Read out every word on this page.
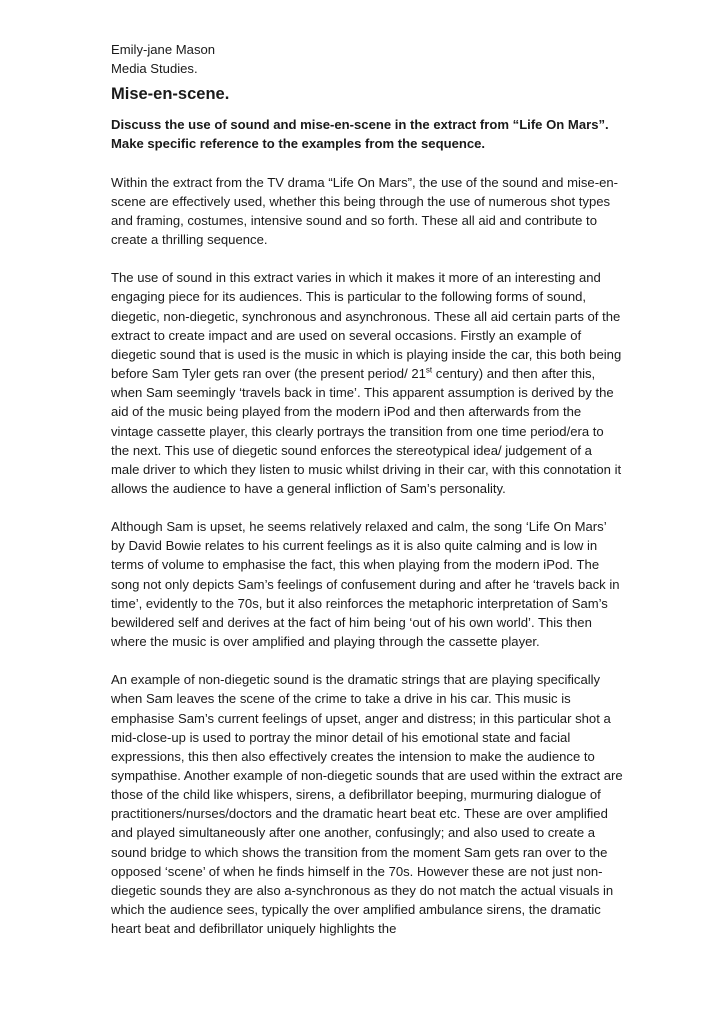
Emily-jane Mason
Media Studies.
Mise-en-scene.

Discuss the use of sound and mise-en-scene in the extract from “Life On Mars”.

Make specific reference to the examples from the sequence.

Within the extract from the TV drama “Life On Mars”, the use of the sound and mise-en-scene are effectively used, whether this being through the use of numerous shot types and framing, costumes, intensive sound and so forth. These all aid and contribute to create a thrilling sequence.

The use of sound in this extract varies in which it makes it more of an interesting and engaging piece for its audiences. This is particular to the following forms of sound, diegetic, non-diegetic, synchronous and asynchronous. These all aid certain parts of the extract to create impact and are used on several occasions. Firstly an example of diegetic sound that is used is the music in which is playing inside the car, this both being before Sam Tyler gets ran over (the present period/ 21st century) and then after this, when Sam seemingly ‘travels back in time’. This apparent assumption is derived by the aid of the music being played from the modern iPod and then afterwards from the vintage cassette player, this clearly portrays the transition from one time period/era to the next. This use of diegetic sound enforces the stereotypical idea/ judgement of a male driver to which they listen to music whilst driving in their car, with this connotation it allows the audience to have a general infliction of Sam’s personality.

Although Sam is upset, he seems relatively relaxed and calm, the song ‘Life On Mars’ by David Bowie relates to his current feelings as it is also quite calming and is low in terms of volume to emphasise the fact, this when playing from the modern iPod. The song not only depicts Sam’s feelings of confusement during and after he ‘travels back in time’, evidently to the 70s, but it also reinforces the metaphoric interpretation of Sam’s bewildered self and derives at the fact of him being ‘out of his own world’. This then where the music is over amplified and playing through the cassette player.

An example of non-diegetic sound is the dramatic strings that are playing specifically when Sam leaves the scene of the crime to take a drive in his car. This music is emphasise Sam’s current feelings of upset, anger and distress; in this particular shot a mid-close-up is used to portray the minor detail of his emotional state and facial expressions, this then also effectively creates the intension to make the audience to sympathise. Another example of non-diegetic sounds that are used within the extract are those of the child like whispers, sirens, a defibrillator beeping, murmuring dialogue of practitioners/nurses/doctors and the dramatic heart beat etc. These are over amplified and played simultaneously after one another, confusingly; and also used to create a sound bridge to which shows the transition from the moment Sam gets ran over to the opposed ‘scene’ of when he finds himself in the 70s. However these are not just non-diegetic sounds they are also a-synchronous as they do not match the actual visuals in which the audience sees, typically the over amplified ambulance sirens, the dramatic heart beat and defibrillator uniquely highlights the
